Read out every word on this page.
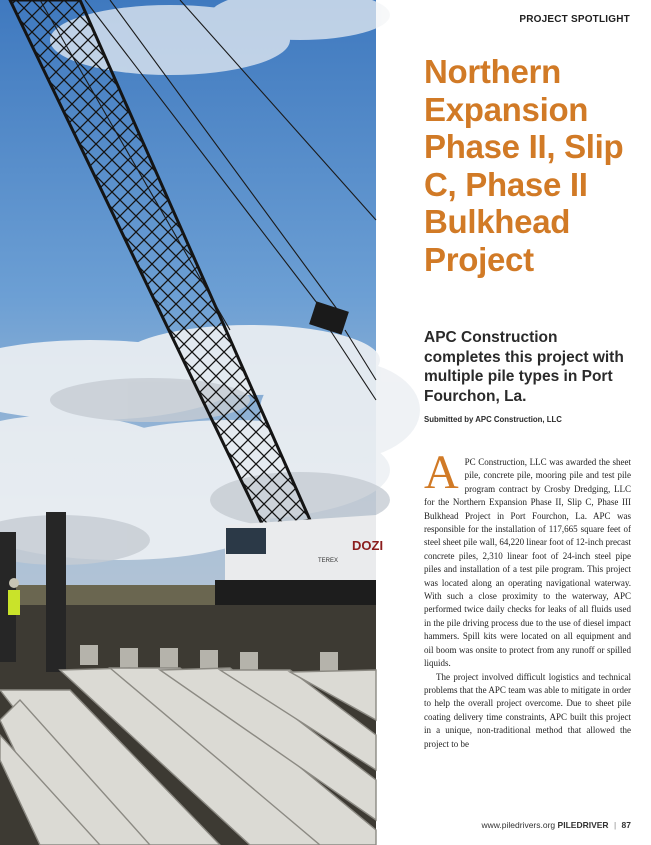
DOZI
TEREX
PROJECT SPOTLIGHT
Northern Expansion Phase II, Slip C, Phase II Bulkhead Project
APC Construction completes this project with multiple pile types in Port Fourchon, La.
Submitted by APC Construction, LLC

APC Construction, LLC was awarded the sheet pile, concrete pile, mooring pile and test pile program contract by Crosby Dredging, LLC for the Northern Expansion Phase II, Slip C, Phase III Bulkhead Project in Port Fourchon, La. APC was responsible for the installation of 117,665 square feet of steel sheet pile wall, 64,220 linear foot of 12-inch precast concrete piles, 2,310 linear foot of 24-inch steel pipe piles and installation of a test pile program. This project was located along an operating navigational waterway. With such a close proximity to the waterway, APC performed twice daily checks for leaks of all fluids used in the pile driving process due to the use of diesel impact hammers. Spill kits were located on all equipment and oil boom was onsite to protect from any runoff or spilled liquids.

The project involved difficult logistics and technical problems that the APC team was able to mitigate in order to help the overall project overcome. Due to sheet pile coating delivery time constraints, APC built this project in a unique, non-traditional method that allowed the project to be

www.piledrivers.org PILEDRIVER | 87
